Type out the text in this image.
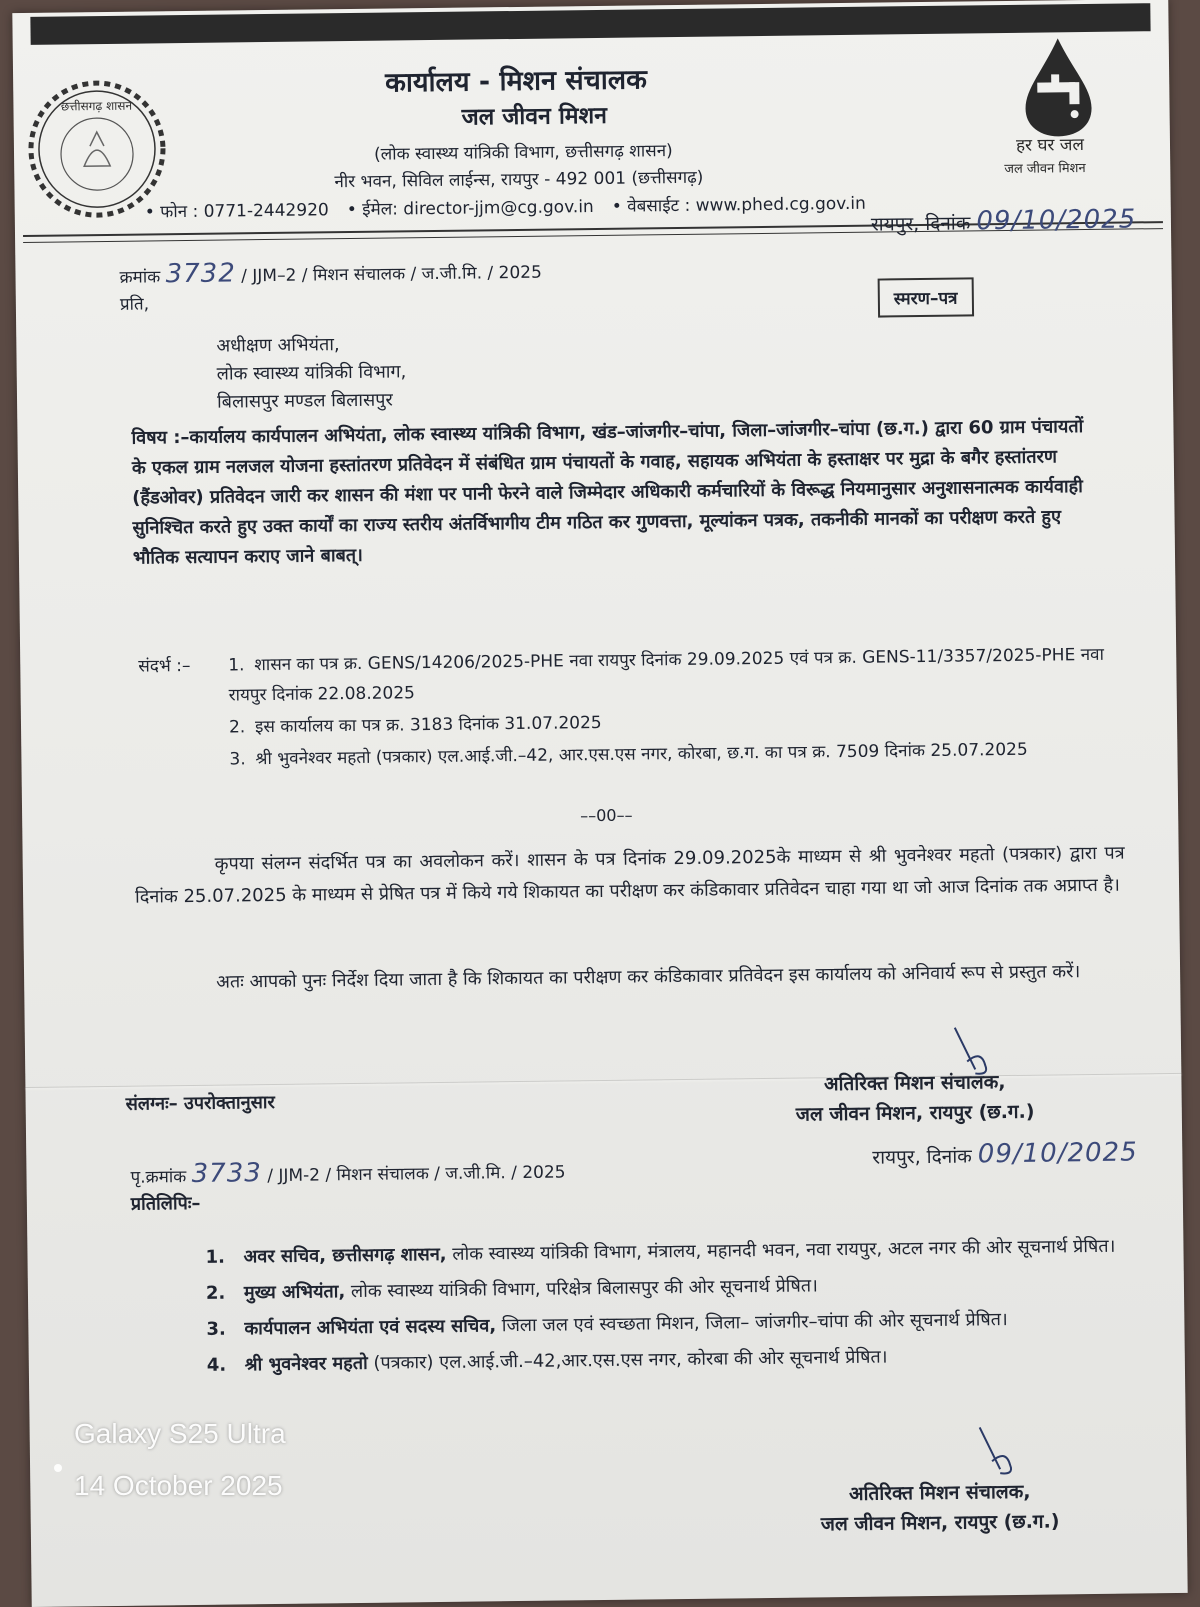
छत्तीसगढ़ शासन
हर घर जल
जल जीवन मिशन
कार्यालय - मिशन संचालक
जल जीवन मिशन
(लोक स्वास्थ्य यांत्रिकी विभाग, छत्तीसगढ़ शासन)
नीर भवन, सिविल लाईन्स, रायपुर - 492 001 (छत्तीसगढ़)
• फोन : 0771-2442920 • ईमेल: director-jjm@cg.gov.in • वेबसाईट : www.phed.cg.gov.in
रायपुर, दिनांक 09/10/2025
क्रमांक 3732 / JJM–2 / मिशन संचालक / ज.जी.मि. / 2025
प्रति,	स्मरण–पत्र
अधीक्षण अभियंता,
लोक स्वास्थ्य यांत्रिकी विभाग,
बिलासपुर मण्डल बिलासपुर
विषय :–कार्यालय कार्यपालन अभियंता, लोक स्वास्थ्य यांत्रिकी विभाग, खंड–जांजगीर–चांपा, जिला–जांजगीर–चांपा (छ.ग.) द्वारा 60 ग्राम पंचायतों के एकल ग्राम नलजल योजना हस्तांतरण प्रतिवेदन में संबंधित ग्राम पंचायतों के गवाह, सहायक अभियंता के हस्ताक्षर पर मुद्रा के बगैर हस्तांतरण (हैंडओवर) प्रतिवेदन जारी कर शासन की मंशा पर पानी फेरने वाले जिम्मेदार अधिकारी कर्मचारियों के विरूद्ध नियमानुसार अनुशासनात्मक कार्यवाही सुनिश्चित करते हुए उक्त कार्यों का राज्य स्तरीय अंतर्विभागीय टीम गठित कर गुणवत्ता, मूल्यांकन पत्रक, तकनीकी मानकों का परीक्षण करते हुए भौतिक सत्यापन कराए जाने बाबत्।
संदर्भ :–	1. शासन का पत्र क्र. GENS/14206/2025-PHE नवा रायपुर दिनांक 29.09.2025 एवं पत्र क्र. GENS-11/3357/2025-PHE नवा रायपुर दिनांक 22.08.2025
2. इस कार्यालय का पत्र क्र. 3183 दिनांक 31.07.2025
3. श्री भुवनेश्वर महतो (पत्रकार) एल.आई.जी.–42, आर.एस.एस नगर, कोरबा, छ.ग. का पत्र क्र. 7509 दिनांक 25.07.2025
––00––
कृपया संलग्न संदर्भित पत्र का अवलोकन करें। शासन के पत्र दिनांक 29.09.2025के माध्यम से श्री भुवनेश्वर महतो (पत्रकार) द्वारा पत्र दिनांक 25.07.2025 के माध्यम से प्रेषित पत्र में किये गये शिकायत का परीक्षण कर कंडिकावार प्रतिवेदन चाहा गया था जो आज दिनांक तक अप्राप्त है।
अतः आपको पुनः निर्देश दिया जाता है कि शिकायत का परीक्षण कर कंडिकावार प्रतिवेदन इस कार्यालय को अनिवार्य रूप से प्रस्तुत करें।
संलग्नः– उपरोक्तानुसार
अतिरिक्त मिशन संचालक,
जल जीवन मिशन, रायपुर (छ.ग.)
पृ.क्रमांक 3733 / JJM-2 / मिशन संचालक / ज.जी.मि. / 2025
रायपुर, दिनांक 09/10/2025
प्रतिलिपिः–
1.	अवर सचिव, छत्तीसगढ़ शासन, लोक स्वास्थ्य यांत्रिकी विभाग, मंत्रालय, महानदी भवन, नवा रायपुर, अटल नगर की ओर सूचनार्थ प्रेषित।
2.	मुख्य अभियंता, लोक स्वास्थ्य यांत्रिकी विभाग, परिक्षेत्र बिलासपुर की ओर सूचनार्थ प्रेषित।
3.	कार्यपालन अभियंता एवं सदस्य सचिव, जिला जल एवं स्वच्छता मिशन, जिला– जांजगीर–चांपा की ओर सूचनार्थ प्रेषित।
4.	श्री भुवनेश्वर महतो (पत्रकार) एल.आई.जी.–42,आर.एस.एस नगर, कोरबा की ओर सूचनार्थ प्रेषित।
अतिरिक्त मिशन संचालक,
जल जीवन मिशन, रायपुर (छ.ग.)
Galaxy S25 Ultra
14 October 2025
